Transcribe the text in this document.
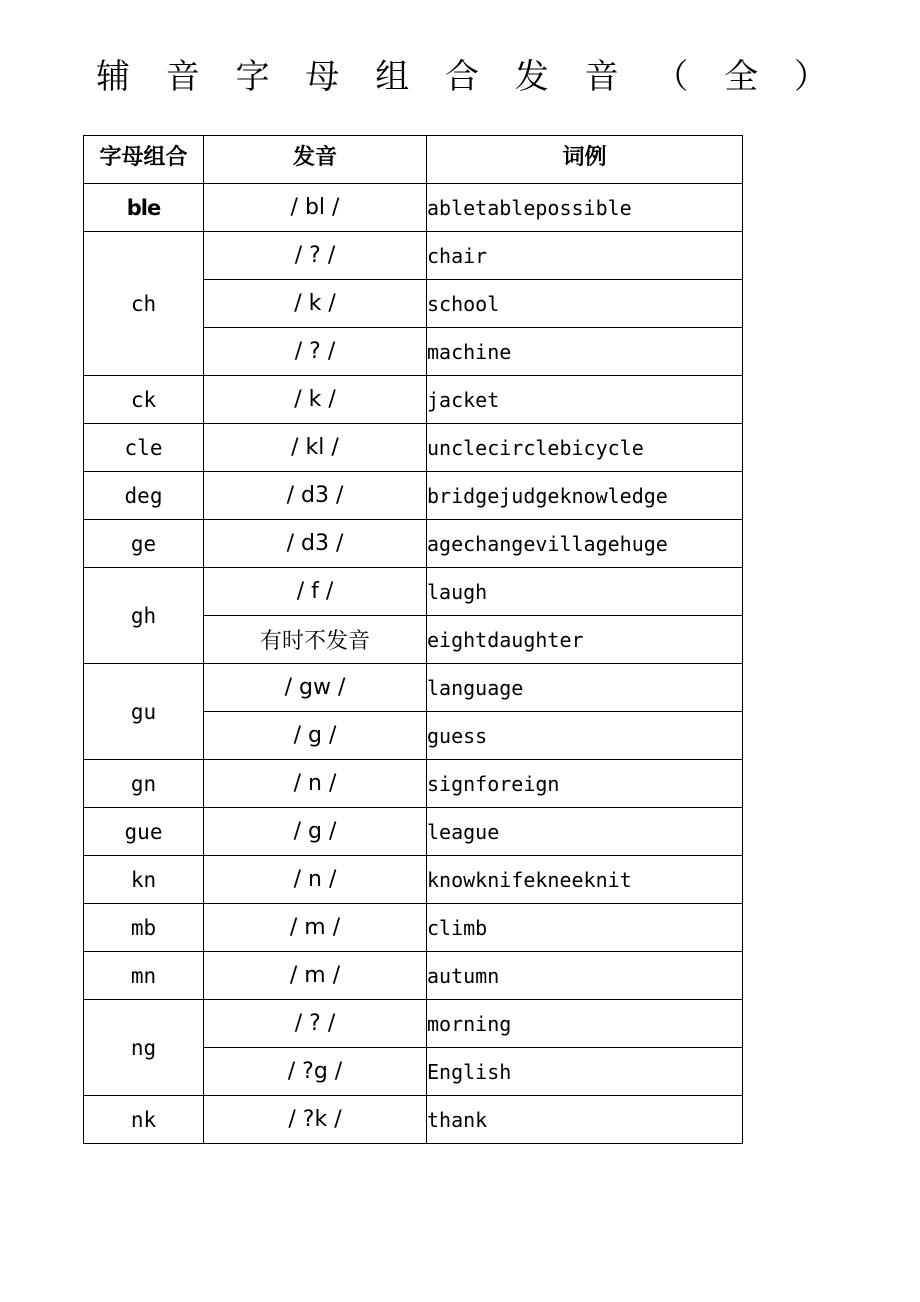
辅 音 字 母 组 合 发 音 （ 全 ）
字母组合	发音	词例
ble	/ bl /	abletablepossible
ch	/ ? /	chair
	/ k /	school
	/ ? /	machine
ck	/ k /	jacket
cle	/ kl /	unclecirclebicycle
deg	/ d3 /	bridgejudgeknowledge
ge	/ d3 /	agechangevillagehuge
gh	/ f /	laugh
	有时不发音	eightdaughter
gu	/ gw /	language
	/ g /	guess
gn	/ n /	signforeign
gue	/ g /	league
kn	/ n /	knowknifekneeknit
mb	/ m /	climb
mn	/ m /	autumn
ng	/ ? /	morning
	/ ?g /	English
nk	/ ?k /	thank
